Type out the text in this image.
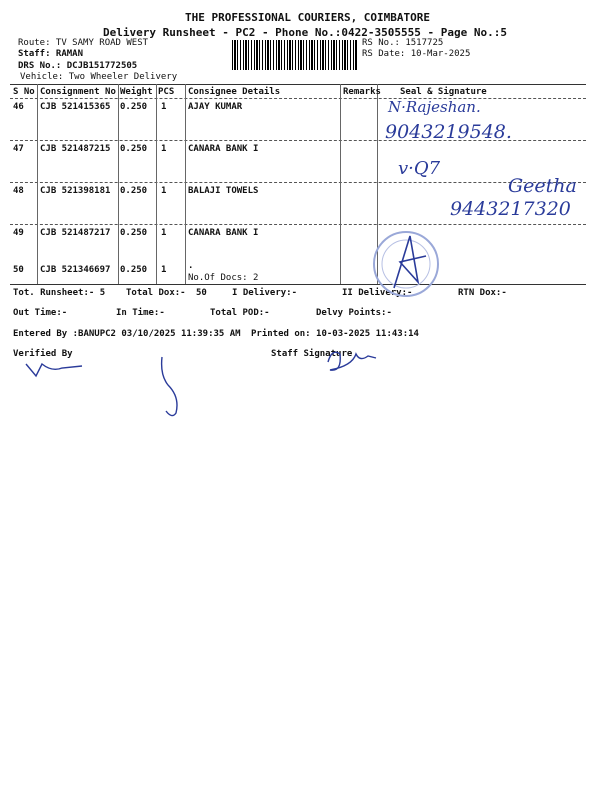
THE PROFESSIONAL COURIERS, COIMBATORE
Delivery Runsheet - PC2 - Phone No.:0422-3505555 - Page No.:5
Route: TV SAMY ROAD WEST
Staff: RAMAN
DRS No.: DCJB151772505
Vehicle: Two Wheeler Delivery
RS No.: 1517725
RS Date: 10-Mar-2025
S No Consignment No Weight PCS Consignee Details	Remarks Seal & Signature
46 CJB 521415365 0.250 1 AJAY KUMAR
47 CJB 521487215 0.250 1 CANARA BANK I
48 CJB 521398181 0.250 1 BALAJI TOWELS
49 CJB 521487217 0.250 1 CANARA BANK I
50 CJB 521346697 0.250 1 .
No.Of Docs: 2
Tot. Runsheet:- 5 Total Dox:- 50	I Delivery:-	II Delivery:-	RTN Dox:-
Out Time:-	In Time:-	Total POD:-	Delvy Points:-
Entered By :BANUPC2 03/10/2025 11:39:35 AM Printed on: 10-03-2025 11:43:14
Verified By	Staff Signature
N·Rajeshan.
9043219548.
v·Q7
Geetha
9443217320
